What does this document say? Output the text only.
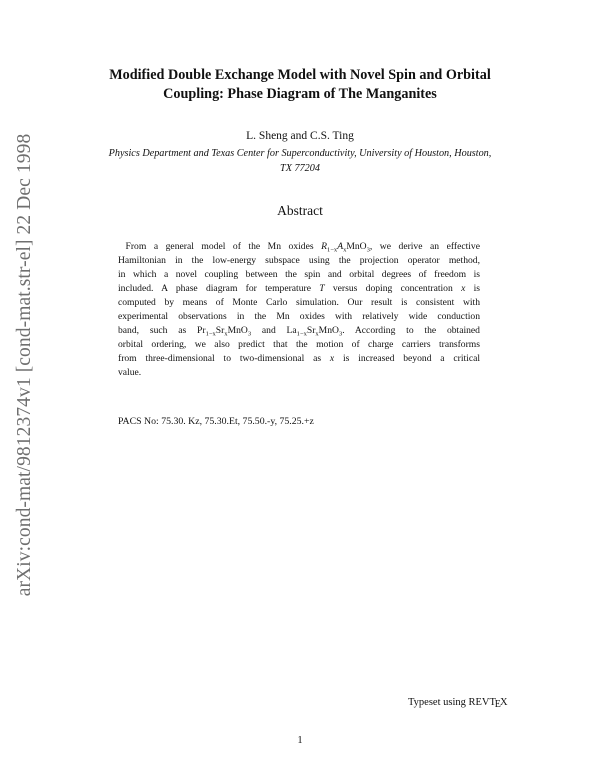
arXiv:cond-mat/9812374v1 [cond-mat.str-el] 22 Dec 1998
Modified Double Exchange Model with Novel Spin and Orbital
Coupling: Phase Diagram of The Manganites
L. Sheng and C.S. Ting
Physics Department and Texas Center for Superconductivity, University of Houston, Houston,
TX 77204
Abstract
From a general model of the Mn oxides $R_{1-x}A_xMnO_3$, we derive an effective
Hamiltonian in the low-energy subspace using the projection operator method,
in which a novel coupling between the spin and orbital degrees of freedom is
included. A phase diagram for temperature T versus doping concentration x is
computed by means of Monte Carlo simulation. Our result is consistent with
experimental observations in the Mn oxides with relatively wide conduction
band, such as $Pr_{1-x}Sr_xMnO_3$ and $La_{1-x}Sr_xMnO_3$. According to the obtained
orbital ordering, we also predict that the motion of charge carriers transforms
from three-dimensional to two-dimensional as x is increased beyond a critical
value.
PACS No: 75.30. Kz, 75.30.Et, 75.50.-y, 75.25.+z
Typeset using REVTEX
1
